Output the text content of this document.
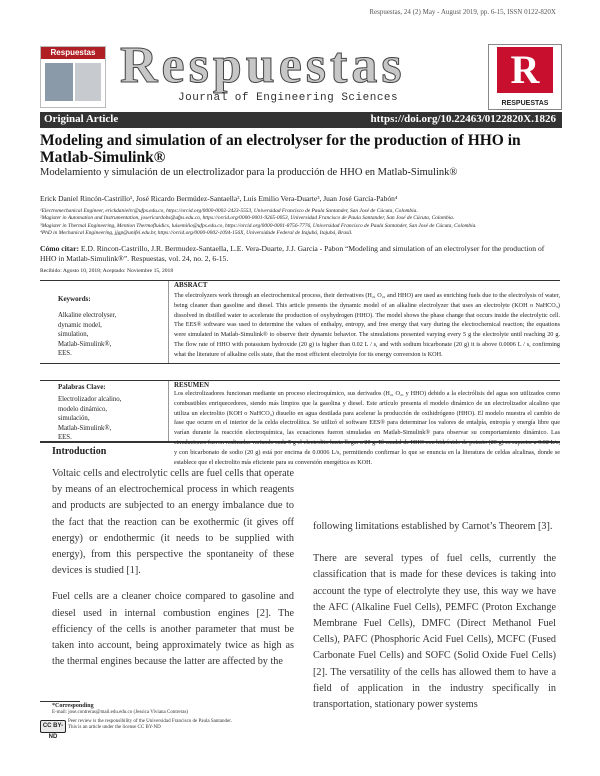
Respuestas, 24 (2) May - August 2019, pp. 6-15, ISSN 0122-820X
Respuestas Respuestas
Journal of Engineering Sciences
R
RESPUESTAS
Original Article	https://doi.org/10.22463/0122820X.1826
Modeling and simulation of an electrolyser for the production of HHO in Matlab-Simulink®
Modelamiento y simulación de un electrolizador para la producción de HHO en Matlab-Simulink®
Erick Daniel Rincón-Castrillo¹, José Ricardo Bermúdez-Santaella², Luis Emilio Vera-Duarte³, Juan José García-Pabón⁴
¹Electromechanical Engineer, erickdanielrc@ufps.edu.co, https://orcid.org/0000-0002-2423-5553, Universidad Francisco de Paula Santander, San José de Cúcuta, Colombia.
²Magister in Automation and Instrumentation, josericardobs@ufps.edu.co, https://orcid.org/0000-0001-9265-0053, Universidad Francisco de Paula Santander, San José de Cúcuta, Colombia.
³Magister in Thermal Engineering, Mention Thermofluidics, luisemilio@ufps.edu.co, https://orcid.org/0000-0001-8756-7776, Universidad Francisco de Paula Santander, San José de Cúcuta, Colombia.
⁴PhD in Mechanical Engineering, jjgp@unifei.edu.br, https://orcid.org/0000-0002-1094-156X, Universidade Federal de Itajubá, Itajubá, Brasil.
Cómo citar: E.D. Rincon-Castrillo, J.R. Bermudez-Santaella, L.E. Vera-Duarte, J.J. Garcia - Pabon “Modeling and simulation of an electrolyser for the production of HHO in Matlab-Simulink®”. Respuestas, vol. 24, no. 2, 6-15.
Recibido: Agosto 10, 2018; Aceptado: Noviembre 15, 2018
Keywords:
Alkaline electrolyser,
dynamic model,
simulation,
Matlab-Simulink®,
EES.
ABSRACT
The electrolyzers work through an electrochemical process, their derivatives (H₂, O₂, and HHO) are used as enriching fuels due to the electrolysis of water, being cleaner than gasoline and diesel. This article presents the dynamic model of an alkaline electrolyzer that uses an electrolyte (KOH o NaHCO₃) dissolved in distilled water to accelerate the production of oxyhydrogen (HHO). The model shows the phase change that occurs inside the electrolytic cell. The EES® software was used to determine the values of enthalpy, entropy, and free energy that vary during the electrochemical reaction; the equations were simulated in Matlab-Simulink® to observe their dynamic behavior. The simulations presented varying every 5 g the electrolyte until reaching 20 g. The flow rate of HHO with potassium hydroxide (20 g) is higher than 0.02 L / s, and with sodium bicarbonate (20 g) it is above 0.0006 L / s, confirming what the literature of alkaline cells state, that the most efficient electrolyte for its energy conversion is KOH.
Palabras Clave:
Electrolizador alcalino,
modelo dinámico,
simulación,
Matlab-Simulink®,
EES.
RESUMEN
Los electrolizadores funcionan mediante un proceso electroquímico, sus derivados (H₂, O₂, y HHO) debido a la electrólisis del agua son utilizados como combustibles enriquecedores, siendo más limpios que la gasolina y diesel. Este artículo presenta el modelo dinámico de un electrolizador alcalino que utiliza un electrolito (KOH o NaHCO₃) disuelto en agua destilada para acelerar la producción de oxihidrógeno (HHO). El modelo muestra el cambio de fase que ocurre en el interior de la celda electrolítica. Se utilizó el software EES® para determinar los valores de entalpía, entropía y energía libre que varían durante la reacción electroquímica, las ecuaciones fueron simuladas en Matlab-Simulink® para observar su comportamiento dinámico. Las simulaciones fueron realizadas variando cada 5 g el electrolito hasta llegar a 20 g. El caudal de HHO con hidróxido de potasio (20 g) es superior a 0.02 L/s, y con bicarbonato de sodio (20 g) está por encima de 0.0006 L/s, permitiendo confirmar lo que se enuncia en la literatura de celdas alcalinas, donde se establece que el electrolito más eficiente para su conversión energética es KOH.
Introduction

Voltaic cells and electrolytic cells are fuel cells that operate by means of an electrochemical process in which reagents and products are subjected to an energy imbalance due to the fact that the reaction can be exothermic (it gives off energy) or endothermic (it needs to be supplied with energy), from this perspective the spontaneity of these devices is studied [1].

Fuel cells are a cleaner choice compared to gasoline and diesel used in internal combustion engines [2]. The efficiency of the cells is another parameter that must be taken into account, being approximately twice as high as the thermal engines because the latter are affected by the

following limitations established by Carnot’s Theorem [3].

There are several types of fuel cells, currently the classification that is made for these devices is taking into account the type of electrolyte they use, this way we have the AFC (Alkaline Fuel Cells), PEMFC (Proton Exchange Membrane Fuel Cells), DMFC (Direct Methanol Fuel Cells), PAFC (Phosphoric Acid Fuel Cells), MCFC (Fused Carbonate Fuel Cells) and SOFC (Solid Oxide Fuel Cells) [2]. The versatility of the cells has allowed them to have a field of application in the industry specifically in transportation, stationary power systems

*Corresponding
E-mail: jose.contreras@mail.edu.edu.co (Jessica Viviana Contreras)
CC BY-ND
Peer review is the responsibility of the Universidad Francisco de Paula Santander.
This is an article under the license CC BY-ND
